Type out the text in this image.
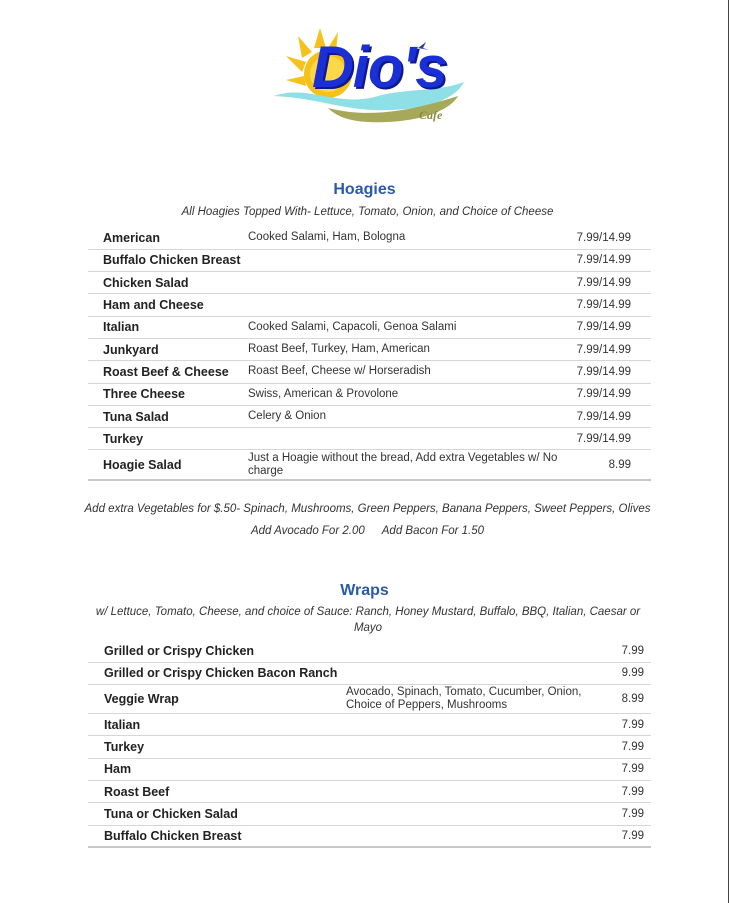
Dio's
Cafe
Hoagies
All Hoagies Topped With- Lettuce, Tomato, Onion, and Choice of Cheese
American	Cooked Salami, Ham, Bologna	7.99/14.99
Buffalo Chicken Breast		7.99/14.99
Chicken Salad		7.99/14.99
Ham and Cheese		7.99/14.99
Italian	Cooked Salami, Capacoli, Genoa Salami	7.99/14.99
Junkyard	Roast Beef, Turkey, Ham, American	7.99/14.99
Roast Beef & Cheese	Roast Beef, Cheese w/ Horseradish	7.99/14.99
Three Cheese	Swiss, American & Provolone	7.99/14.99
Tuna Salad	Celery & Onion	7.99/14.99
Turkey		7.99/14.99
Hoagie Salad	Just a Hoagie without the bread, Add extra Vegetables w/ No charge	8.99
Add extra Vegetables for $.50- Spinach, Mushrooms, Green Peppers, Banana Peppers, Sweet Peppers, Olives
Add Avocado For 2.00 Add Bacon For 1.50
Wraps
w/ Lettuce, Tomato, Cheese, and choice of Sauce: Ranch, Honey Mustard, Buffalo, BBQ, Italian, Caesar or Mayo
Grilled or Crispy Chicken		7.99
Grilled or Crispy Chicken Bacon Ranch		9.99
Veggie Wrap	Avocado, Spinach, Tomato, Cucumber, Onion, Choice of Peppers, Mushrooms	8.99
Italian		7.99
Turkey		7.99
Ham		7.99
Roast Beef		7.99
Tuna or Chicken Salad		7.99
Buffalo Chicken Breast		7.99
